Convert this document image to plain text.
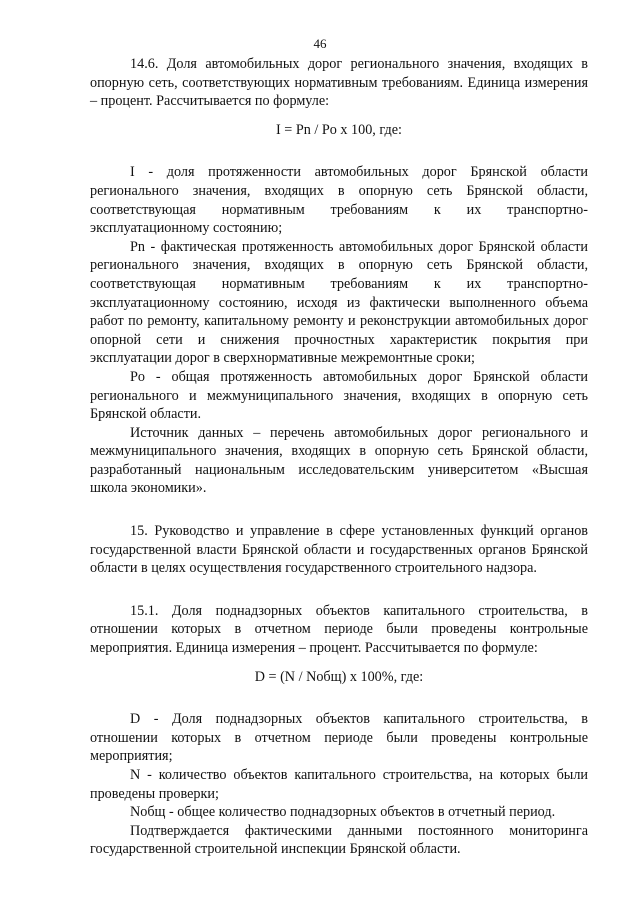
46

14.6. Доля автомобильных дорог регионального значения, входящих в опорную сеть, соответствующих нормативным требованиям. Единица измерения – процент. Рассчитывается по формуле:

I = Pn / Po x 100, где:

I - доля протяженности автомобильных дорог Брянской области регионального значения, входящих в опорную сеть Брянской области, соответствующая нормативным требованиям к их транспортно-эксплуатационному состоянию;

Pn - фактическая протяженность автомобильных дорог Брянской области регионального значения, входящих в опорную сеть Брянской области, соответствующая нормативным требованиям к их транспортно-эксплуатационному состоянию, исходя из фактически выполненного объема работ по ремонту, капитальному ремонту и реконструкции автомобильных дорог опорной сети и снижения прочностных характеристик покрытия при эксплуатации дорог в сверхнормативные межремонтные сроки;

Po - общая протяженность автомобильных дорог Брянской области регионального и межмуниципального значения, входящих в опорную сеть Брянской области.

Источник данных – перечень автомобильных дорог регионального и межмуниципального значения, входящих в опорную сеть Брянской области, разработанный национальным исследовательским университетом «Высшая школа экономики».

15. Руководство и управление в сфере установленных функций органов государственной власти Брянской области и государственных органов Брянской области в целях осуществления государственного строительного надзора.

15.1. Доля поднадзорных объектов капитального строительства, в отношении которых в отчетном периоде были проведены контрольные мероприятия. Единица измерения – процент. Рассчитывается по формуле:

D = (N / Nобщ) x 100%, где:

D - Доля поднадзорных объектов капитального строительства, в отношении которых в отчетном периоде были проведены контрольные мероприятия;

N - количество объектов капитального строительства, на которых были проведены проверки;

Nобщ - общее количество поднадзорных объектов в отчетный период.

Подтверждается фактическими данными постоянного мониторинга государственной строительной инспекции Брянской области.
